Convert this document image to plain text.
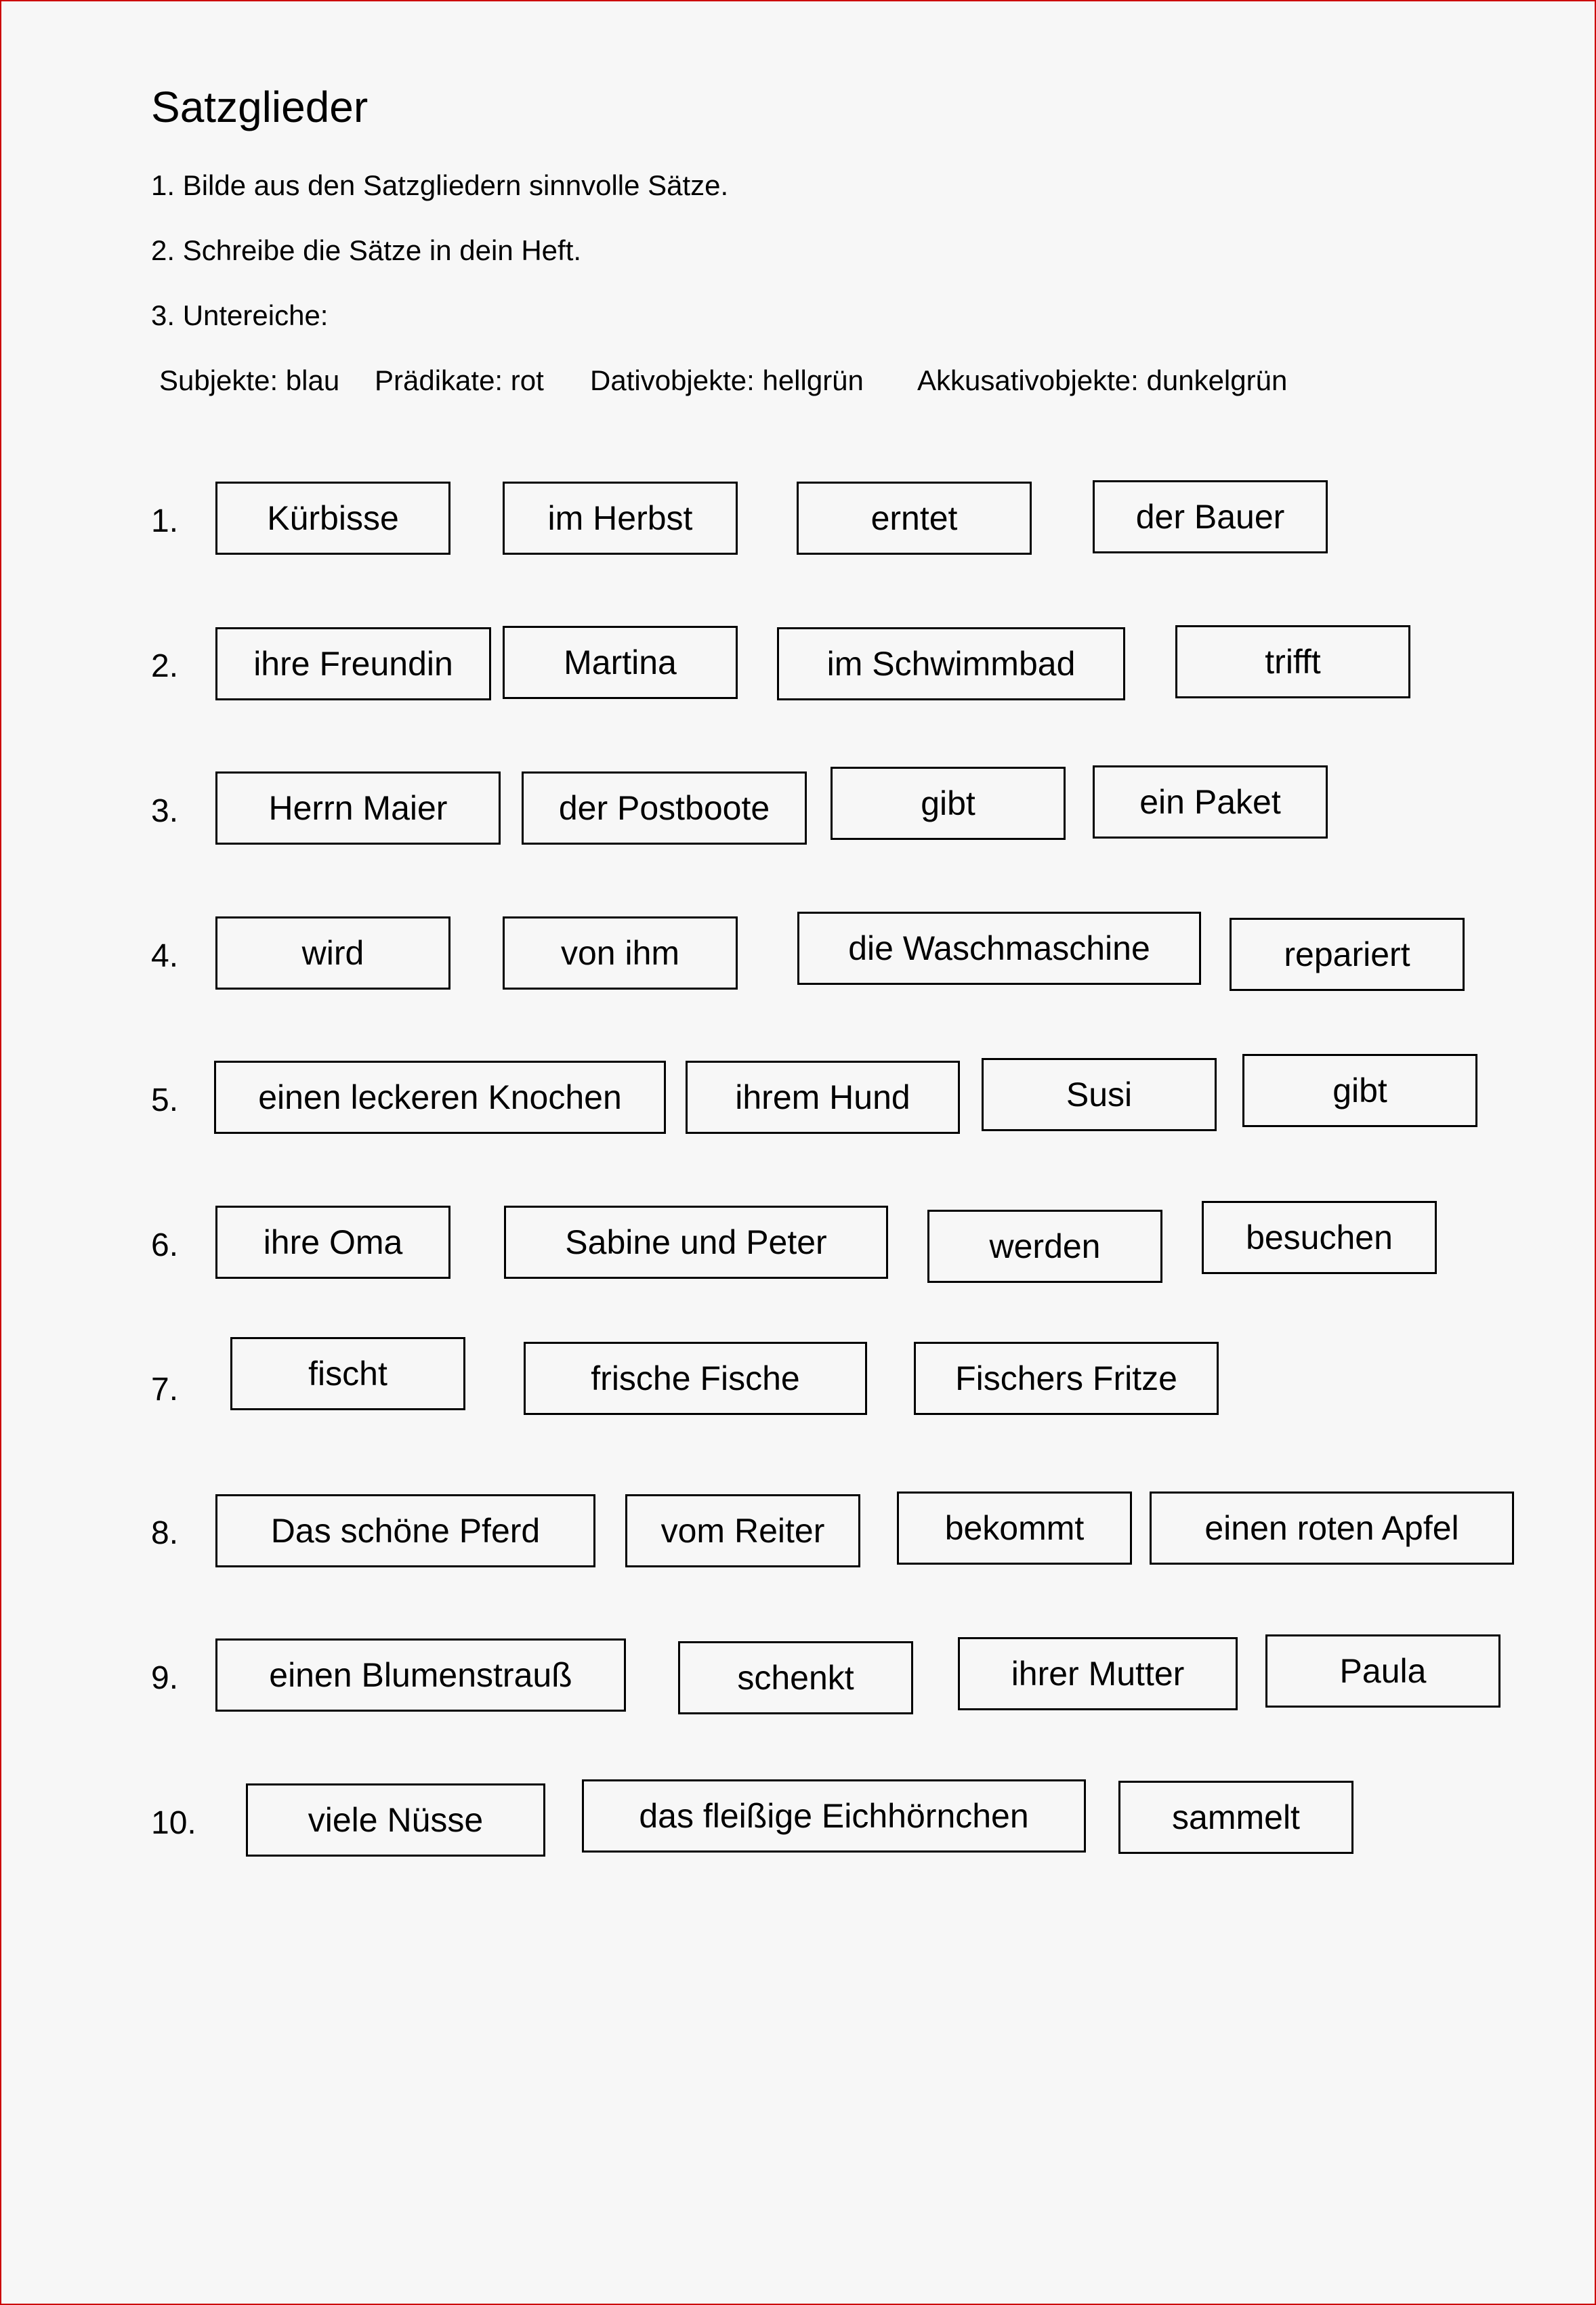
Satzglieder
1. Bilde aus den Satzgliedern sinnvolle Sätze.
2. Schreibe die Sätze in dein Heft.
3. Untereiche:
Subjekte: blau Prädikate: rot Dativobjekte: hellgrün Akkusativobjekte: dunkelgrün
1.	Kürbisse	im Herbst	erntet	der Bauer
2.	ihre Freundin	Martina	im Schwimmbad	trifft
3.	Herrn Maier	der Postboote	gibt	ein Paket
4.	wird	von ihm	die Waschmaschine	repariert
5.	einen leckeren Knochen	ihrem Hund	Susi	gibt
6.	ihre Oma	Sabine und Peter	werden	besuchen
7.	fischt	frische Fische	Fischers Fritze
8.	Das schöne Pferd	vom Reiter	bekommt	einen roten Apfel
9.	einen Blumenstrauß	schenkt	ihrer Mutter	Paula
10.	viele Nüsse	das fleißige Eichhörnchen	sammelt
